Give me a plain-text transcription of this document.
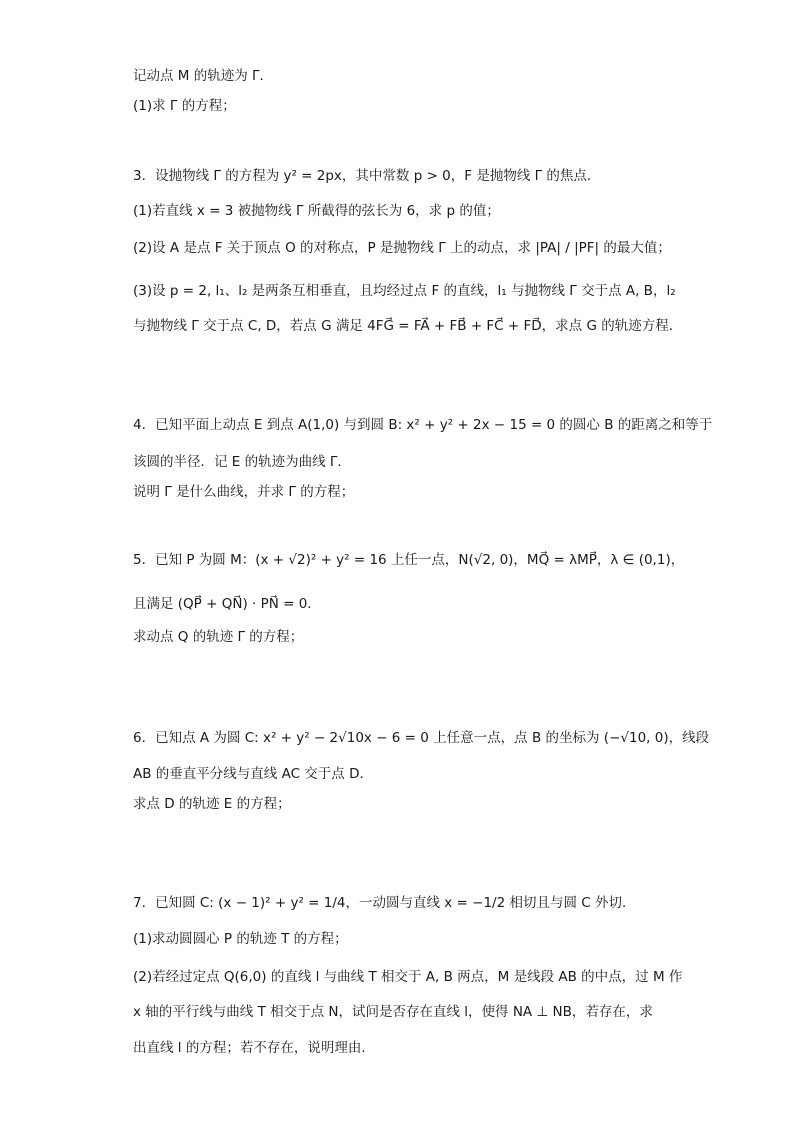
记动点 M 的轨迹为 Γ．
(1)求 Γ 的方程；
3．设抛物线 Γ 的方程为 y² = 2px，其中常数 p > 0，F 是抛物线 Γ 的焦点．
(1)若直线 x = 3 被抛物线 Γ 所截得的弦长为 6，求 p 的值；
(2)设 A 是点 F 关于顶点 O 的对称点，P 是抛物线 Γ 上的动点，求 |PA| / |PF| 的最大值；
(3)设 p = 2, l₁、l₂ 是两条互相垂直，且均经过点 F 的直线，l₁ 与抛物线 Γ 交于点 A, B，l₂
与抛物线 Γ 交于点 C, D，若点 G 满足 4FG⃗ = FA⃗ + FB⃗ + FC⃗ + FD⃗，求点 G 的轨迹方程．
4．已知平面上动点 E 到点 A(1,0) 与到圆 B: x² + y² + 2x − 15 = 0 的圆心 B 的距离之和等于
该圆的半径．记 E 的轨迹为曲线 Γ．
说明 Γ 是什么曲线，并求 Γ 的方程；
5．已知 P 为圆 M：(x + √2)² + y² = 16 上任一点，N(√2, 0)，MQ⃗ = λMP⃗，λ ∈ (0,1)，
且满足 (QP⃗ + QN⃗) · PN⃗ = 0．
求动点 Q 的轨迹 Γ 的方程；
6．已知点 A 为圆 C: x² + y² − 2√10x − 6 = 0 上任意一点，点 B 的坐标为 (−√10, 0)，线段
AB 的垂直平分线与直线 AC 交于点 D．
求点 D 的轨迹 E 的方程；
7．已知圆 C: (x − 1)² + y² = 1/4，一动圆与直线 x = −1/2 相切且与圆 C 外切．
(1)求动圆圆心 P 的轨迹 T 的方程；
(2)若经过定点 Q(6,0) 的直线 l 与曲线 T 相交于 A, B 两点，M 是线段 AB 的中点，过 M 作
x 轴的平行线与曲线 T 相交于点 N，试问是否存在直线 l，使得 NA ⊥ NB，若存在，求
出直线 l 的方程；若不存在，说明理由．
